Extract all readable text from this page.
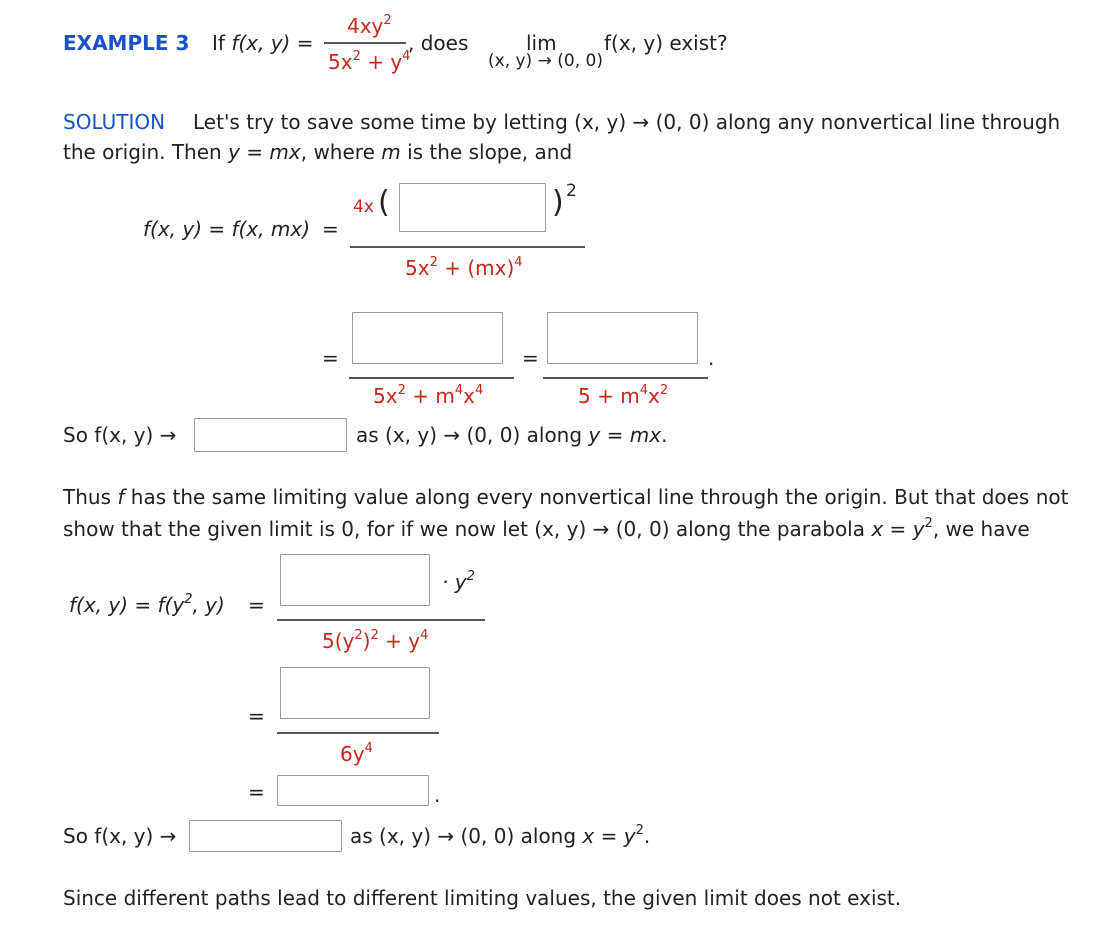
EXAMPLE 3 If f(x, y) =
$4xy^2$
$5x^2 + y^4$
, does	lim
(x, y) → (0, 0)
f(x, y) exist?
SOLUTION Let's try to save some time by letting (x, y) → (0, 0) along any nonvertical line through
the origin. Then y = mx, where m is the slope, and
f(x, y) = f(x, mx) =
4x (	) 2
$5x^2 + (mx)^4$
=
$5x^2 + m^4x^4$
=	.
$5 + m^4x^2$
So f(x, y) →	as (x, y) → (0, 0) along y = mx.
Thus f has the same limiting value along every nonvertical line through the origin. But that does not
show that the given limit is 0, for if we now let (x, y) → (0, 0) along the parabola $x = y^2$, we have
f(x, $y) = f(y^2$, y) =
· $y^2$
$5(y^2)^2 + y^4$
=
$6y^4$
=	.
So f(x, y) →	as (x, y) → (0, 0) along $x = y^2$.
Since different paths lead to different limiting values, the given limit does not exist.
